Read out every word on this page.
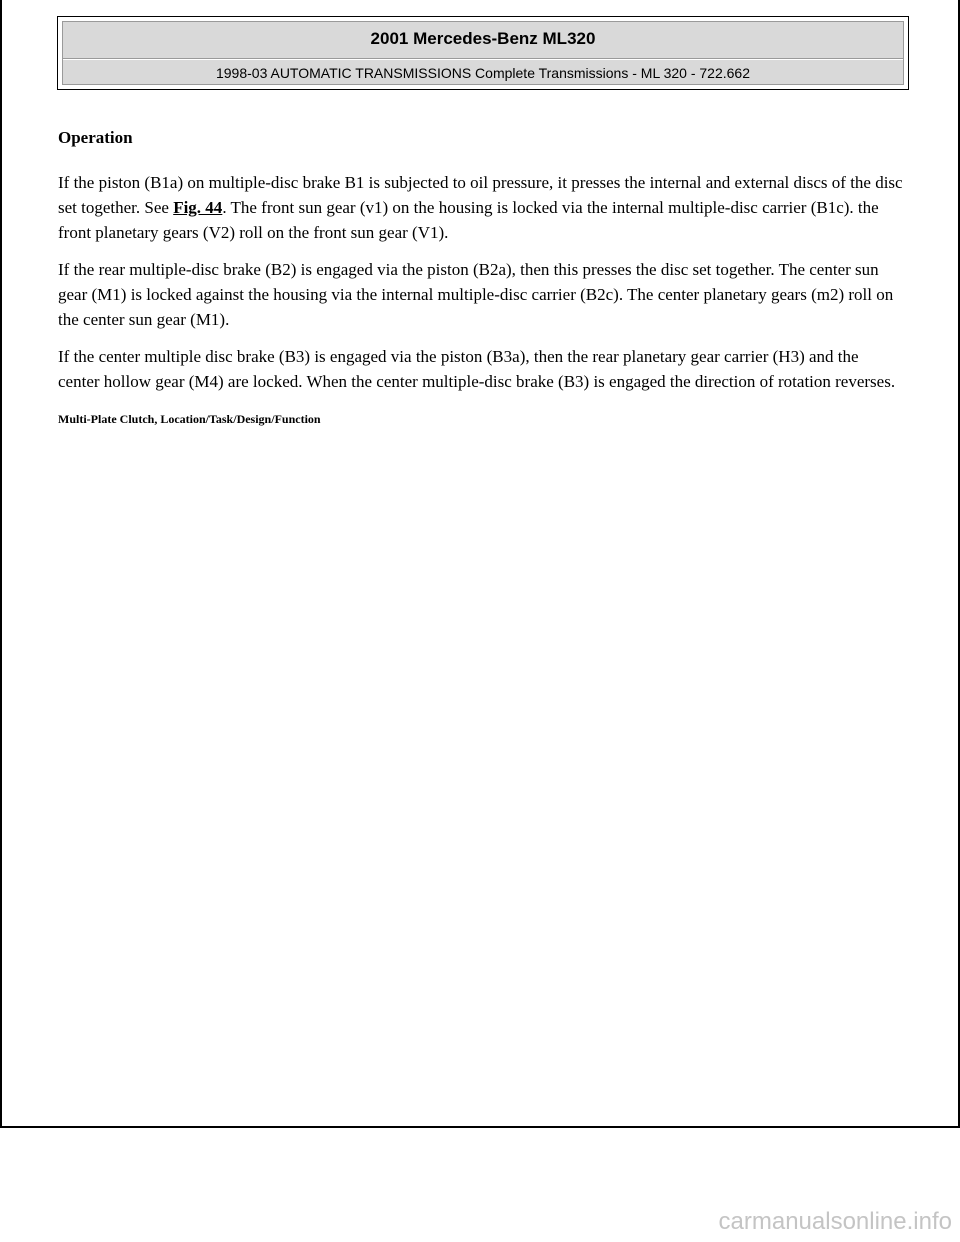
2001 Mercedes-Benz ML320
1998-03 AUTOMATIC TRANSMISSIONS Complete Transmissions - ML 320 - 722.662
Operation

If the piston (B1a) on multiple-disc brake B1 is subjected to oil pressure, it presses the internal and external discs of the disc set together. See Fig. 44. The front sun gear (v1) on the housing is locked via the internal multiple-disc carrier (B1c). the front planetary gears (V2) roll on the front sun gear (V1).

If the rear multiple-disc brake (B2) is engaged via the piston (B2a), then this presses the disc set together. The center sun gear (M1) is locked against the housing via the internal multiple-disc carrier (B2c). The center planetary gears (m2) roll on the center sun gear (M1).

If the center multiple disc brake (B3) is engaged via the piston (B3a), then the rear planetary gear carrier (H3) and the center hollow gear (M4) are locked. When the center multiple-disc brake (B3) is engaged the direction of rotation reverses.

Multi-Plate Clutch, Location/Task/Design/Function
carmanualsonline.info
